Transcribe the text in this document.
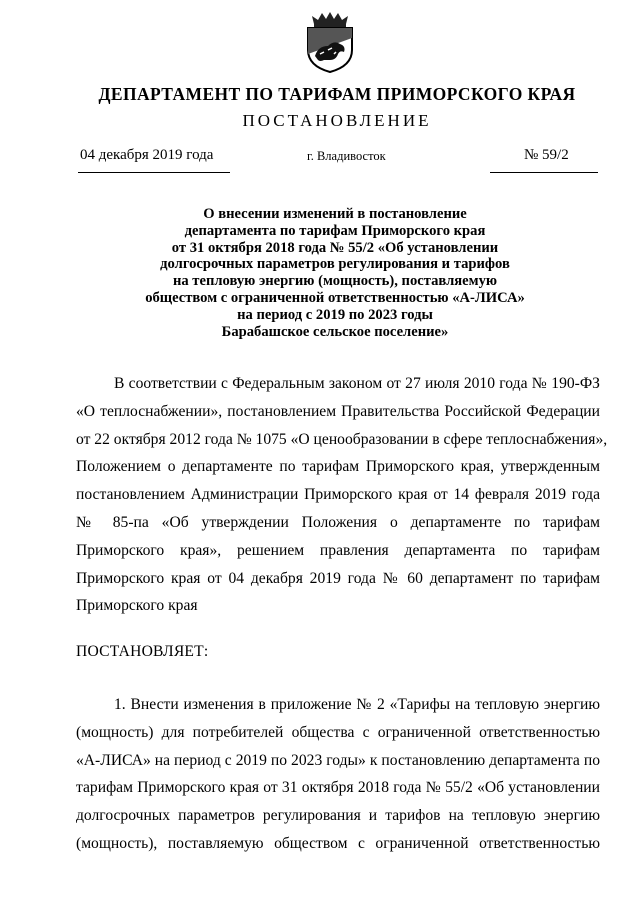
ДЕПАРТАМЕНТ ПО ТАРИФАМ ПРИМОРСКОГО КРАЯ
ПОСТАНОВЛЕНИЕ
04 декабря 2019 года	г. Владивосток	№ 59/2
О внесении изменений в постановление
департамента по тарифам Приморского края
от 31 октября 2018 года № 55/2 «Об установлении
долгосрочных параметров регулирования и тарифов
на тепловую энергию (мощность), поставляемую
обществом с ограниченной ответственностью «А-ЛИСА»
на период с 2019 по 2023 годы
Барабашское сельское поселение»
В соответствии с Федеральным законом от 27 июля 2010 года № 190-ФЗ
«О теплоснабжении», постановлением Правительства Российской Федерации
от 22 октября 2012 года № 1075 «О ценообразовании в сфере теплоснабжения»,
Положением о департаменте по тарифам Приморского края, утвержденным
постановлением Администрации Приморского края от 14 февраля 2019 года
№ 85-па «Об утверждении Положения о департаменте по тарифам
Приморского края», решением правления департамента по тарифам
Приморского края от 04 декабря 2019 года № 60 департамент по тарифам
Приморского края
ПОСТАНОВЛЯЕТ:
1. Внести изменения в приложение № 2 «Тарифы на тепловую энергию
(мощность) для потребителей общества с ограниченной ответственностью
«А-ЛИСА» на период с 2019 по 2023 годы» к постановлению департамента по
тарифам Приморского края от 31 октября 2018 года № 55/2 «Об установлении
долгосрочных параметров регулирования и тарифов на тепловую энергию
(мощность), поставляемую обществом с ограниченной ответственностью
